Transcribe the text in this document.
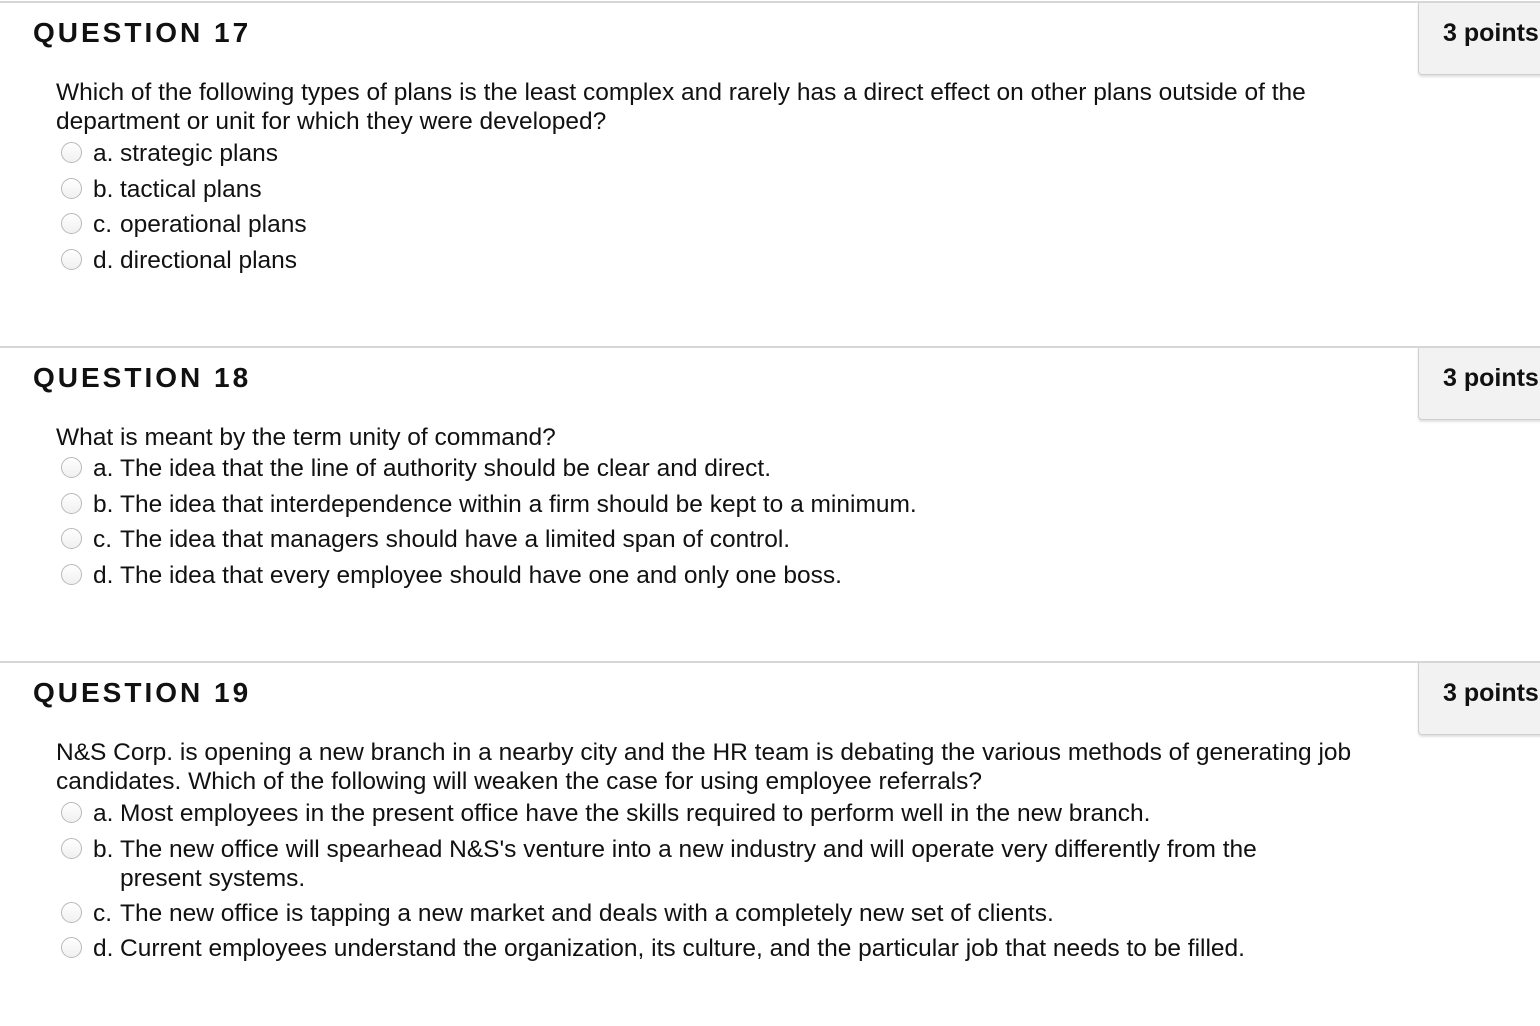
QUESTION 17	3 points
Which of the following types of plans is the least complex and rarely has a direct effect on other plans outside of the department or unit for which they were developed?
a. strategic plans
b. tactical plans
c. operational plans
d. directional plans
QUESTION 18	3 points
What is meant by the term unity of command?
a. The idea that the line of authority should be clear and direct.
b. The idea that interdependence within a firm should be kept to a minimum.
c. The idea that managers should have a limited span of control.
d. The idea that every employee should have one and only one boss.
QUESTION 19	3 points
N&S Corp. is opening a new branch in a nearby city and the HR team is debating the various methods of generating job candidates. Which of the following will weaken the case for using employee referrals?
a. Most employees in the present office have the skills required to perform well in the new branch.
b. The new office will spearhead N&S's venture into a new industry and will operate very differently from the present systems.
c. The new office is tapping a new market and deals with a completely new set of clients.
d. Current employees understand the organization, its culture, and the particular job that needs to be filled.
